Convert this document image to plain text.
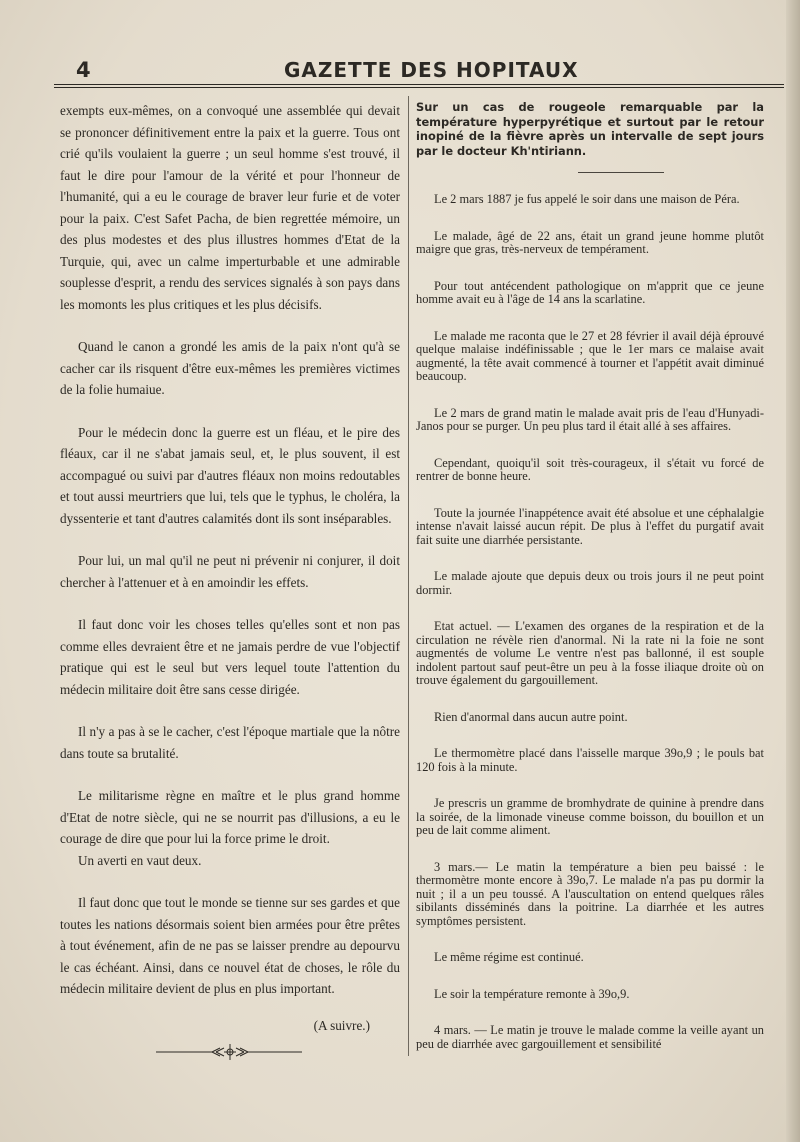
4	GAZETTE DES HOPITAUX

exempts eux-mêmes, on a convoqué une assemblée qui devait se prononcer définitivement entre la paix et la guerre. Tous ont crié qu'ils voulaient la guerre ; un seul homme s'est trouvé, il faut le dire pour l'amour de la vérité et pour l'honneur de l'humanité, qui a eu le courage de braver leur furie et de voter pour la paix. C'est Safet Pacha, de bien regrettée mémoire, un des plus modestes et des plus illustres hommes d'Etat de la Turquie, qui, avec un calme imperturbable et une admirable souplesse d'esprit, a rendu des services signalés à son pays dans les momonts les plus critiques et les plus décisifs.

Quand le canon a grondé les amis de la paix n'ont qu'à se cacher car ils risquent d'être eux-mêmes les premières victimes de la folie humaiue.

Pour le médecin donc la guerre est un fléau, et le pire des fléaux, car il ne s'abat jamais seul, et, le plus souvent, il est accompagué ou suivi par d'autres fléaux non moins redoutables et tout aussi meurtriers que lui, tels que le typhus, le choléra, la dyssenterie et tant d'autres calamités dont ils sont inséparables.

Pour lui, un mal qu'il ne peut ni prévenir ni conjurer, il doit chercher à l'attenuer et à en amoindir les effets.

Il faut donc voir les choses telles qu'elles sont et non pas comme elles devraient être et ne jamais perdre de vue l'objectif pratique qui est le seul but vers lequel toute l'attention du médecin militaire doit être sans cesse dirigée.

Il n'y a pas à se le cacher, c'est l'époque martiale que la nôtre dans toute sa brutalité.

Le militarisme règne en maître et le plus grand homme d'Etat de notre siècle, qui ne se nourrit pas d'illusions, a eu le courage de dire que pour lui la force prime le droit.

Un averti en vaut deux.

Il faut donc que tout le monde se tienne sur ses gardes et que toutes les nations désormais soient bien armées pour être prêtes à tout événement, afin de ne pas se laisser prendre au depourvu le cas échéant. Ainsi, dans ce nouvel état de choses, le rôle du médecin militaire devient de plus en plus important.

(A suivre.)

Sur un cas de rougeole remarquable par la température hyperpyrétique et surtout par le retour inopiné de la fièvre après un intervalle de sept jours par le docteur Kh'ntiriann.

Le 2 mars 1887 je fus appelé le soir dans une maison de Péra.

Le malade, âgé de 22 ans, était un grand jeune homme plutôt maigre que gras, très-nerveux de tempérament.

Pour tout antécendent pathologique on m'apprit que ce jeune homme avait eu à l'âge de 14 ans la scarlatine.

Le malade me raconta que le 27 et 28 février il avail déjà éprouvé quelque malaise indéfinissable ; que le 1er mars ce malaise avait augmenté, la tête avait commencé à tourner et l'appétit avait diminué beaucoup.

Le 2 mars de grand matin le malade avait pris de l'eau d'Hunyadi-Janos pour se purger. Un peu plus tard il était allé à ses affaires.

Cependant, quoiqu'il soit très-courageux, il s'était vu forcé de rentrer de bonne heure.

Toute la journée l'inappétence avait été absolue et une céphalalgie intense n'avait laissé aucun répit. De plus à l'effet du purgatif avait fait suite une diarrhée persistante.

Le malade ajoute que depuis deux ou trois jours il ne peut point dormir.

Etat actuel. — L'examen des organes de la respiration et de la circulation ne révèle rien d'anormal. Ni la rate ni la foie ne sont augmentés de volume Le ventre n'est pas ballonné, il est souple indolent partout sauf peut-être un peu à la fosse iliaque droite où on trouve également du gargouillement.

Rien d'anormal dans aucun autre point.

Le thermomètre placé dans l'aisselle marque 39o,9 ; le pouls bat 120 fois à la minute.

Je prescris un gramme de bromhydrate de quinine à prendre dans la soirée, de la limonade vineuse comme boisson, du bouillon et un peu de lait comme aliment.

3 mars.— Le matin la température a bien peu baissé : le thermomètre monte encore à 39o,7. Le malade n'a pas pu dormir la nuit ; il a un peu toussé. A l'auscultation on entend quelques râles sibilants disséminés dans la poitrine. La diarrhée et les autres symptômes persistent.

Le même régime est continué.

Le soir la température remonte à 39o,9.

4 mars. — Le matin je trouve le malade comme la veille ayant un peu de diarrhée avec gargouillement et sensibilité
